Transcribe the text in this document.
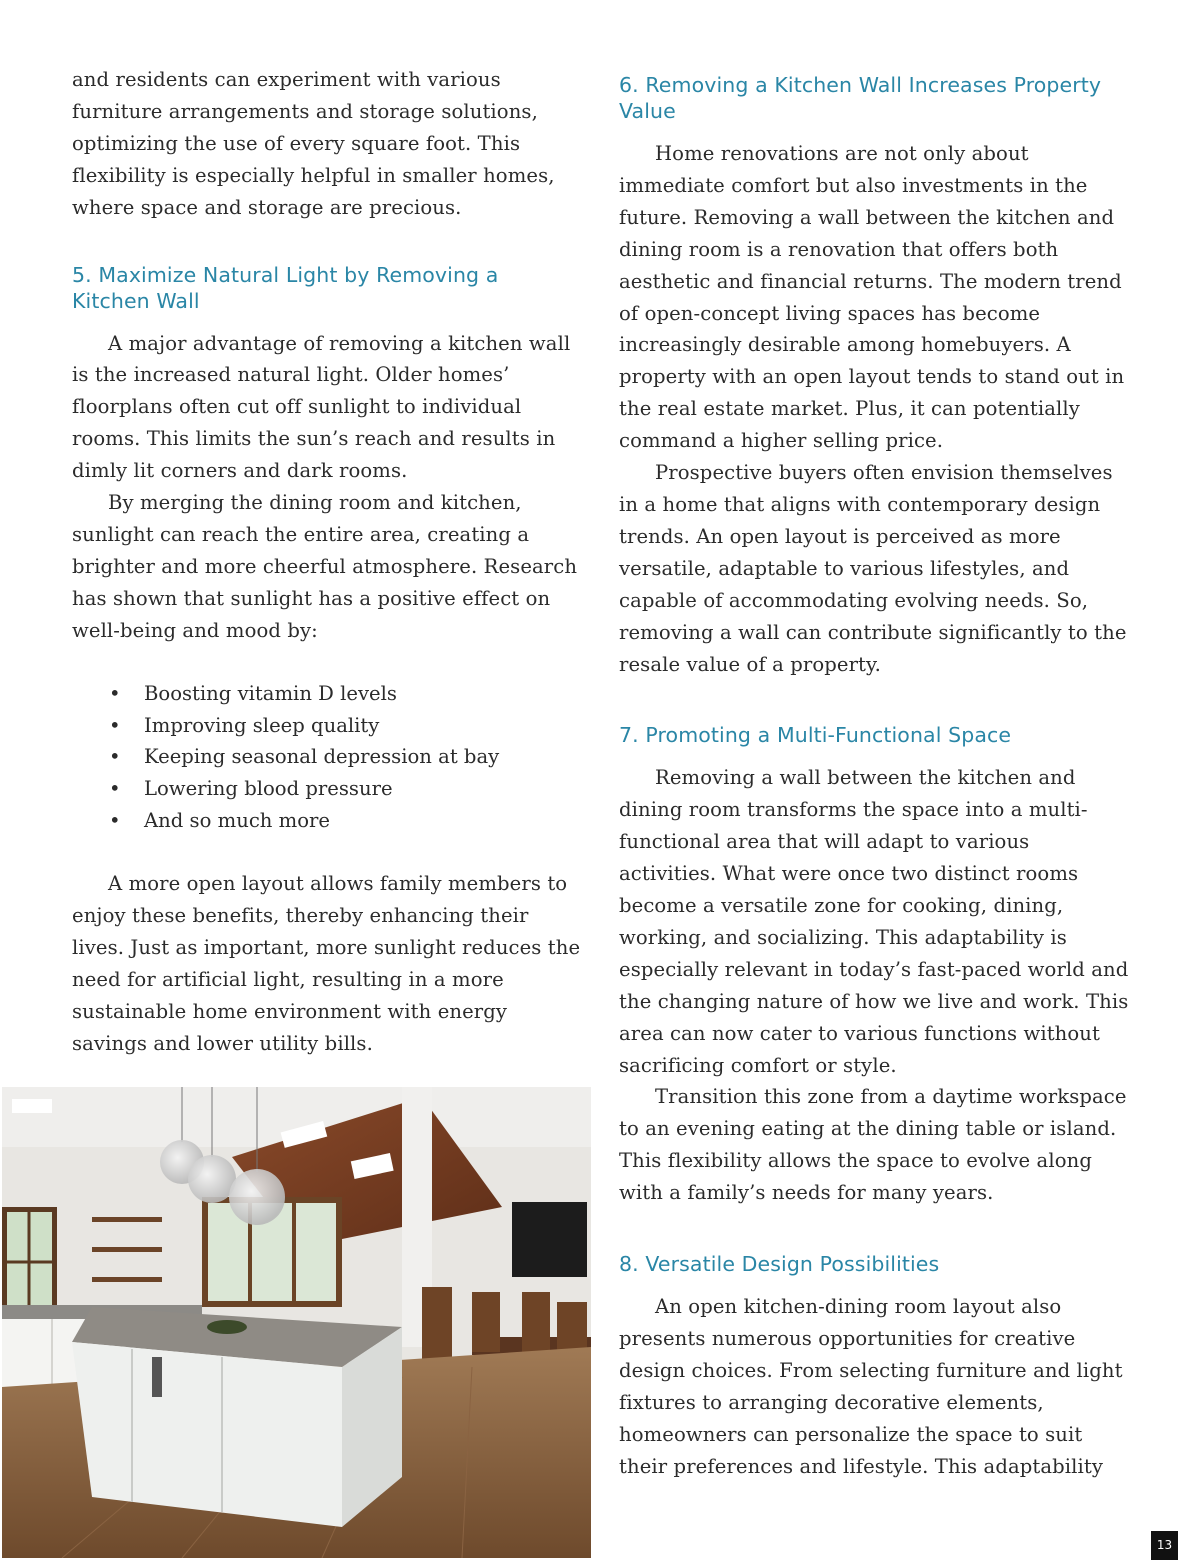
and residents can experiment with various furniture arrangements and storage solutions, optimizing the use of every square foot. This flexibility is especially helpful in smaller homes, where space and storage are precious.

5. Maximize Natural Light by Removing a Kitchen Wall

A major advantage of removing a kitchen wall is the increased natural light. Older homes’ floorplans often cut off sunlight to individual rooms. This limits the sun’s reach and results in dimly lit corners and dark rooms.

By merging the dining room and kitchen, sunlight can reach the entire area, creating a brighter and more cheerful atmosphere. Research has shown that sunlight has a positive effect on well-being and mood by:

• Boosting vitamin D levels
• Improving sleep quality
• Keeping seasonal depression at bay
• Lowering blood pressure
• And so much more

A more open layout allows family members to enjoy these benefits, thereby enhancing their lives. Just as important, more sunlight reduces the need for artificial light, resulting in a more sustainable home environment with energy savings and lower utility bills.

6. Removing a Kitchen Wall Increases Property Value

Home renovations are not only about immediate comfort but also investments in the future. Removing a wall between the kitchen and dining room is a renovation that offers both aesthetic and financial returns. The modern trend of open-concept living spaces has become increasingly desirable among homebuyers. A property with an open layout tends to stand out in the real estate market. Plus, it can potentially command a higher selling price.

Prospective buyers often envision themselves in a home that aligns with contemporary design trends. An open layout is perceived as more versatile, adaptable to various lifestyles, and capable of accommodating evolving needs. So, removing a wall can contribute significantly to the resale value of a property.

7. Promoting a Multi-Functional Space

Removing a wall between the kitchen and dining room transforms the space into a multi-functional area that will adapt to various activities. What were once two distinct rooms become a versatile zone for cooking, dining, working, and socializing. This adaptability is especially relevant in today’s fast-paced world and the changing nature of how we live and work. This area can now cater to various functions without sacrificing comfort or style.

Transition this zone from a daytime workspace to an evening eating at the dining table or island. This flexibility allows the space to evolve along with a family’s needs for many years.

8. Versatile Design Possibilities

An open kitchen-dining room layout also presents numerous opportunities for creative design choices. From selecting furniture and light fixtures to arranging decorative elements, homeowners can personalize the space to suit their preferences and lifestyle. This adaptability

13
